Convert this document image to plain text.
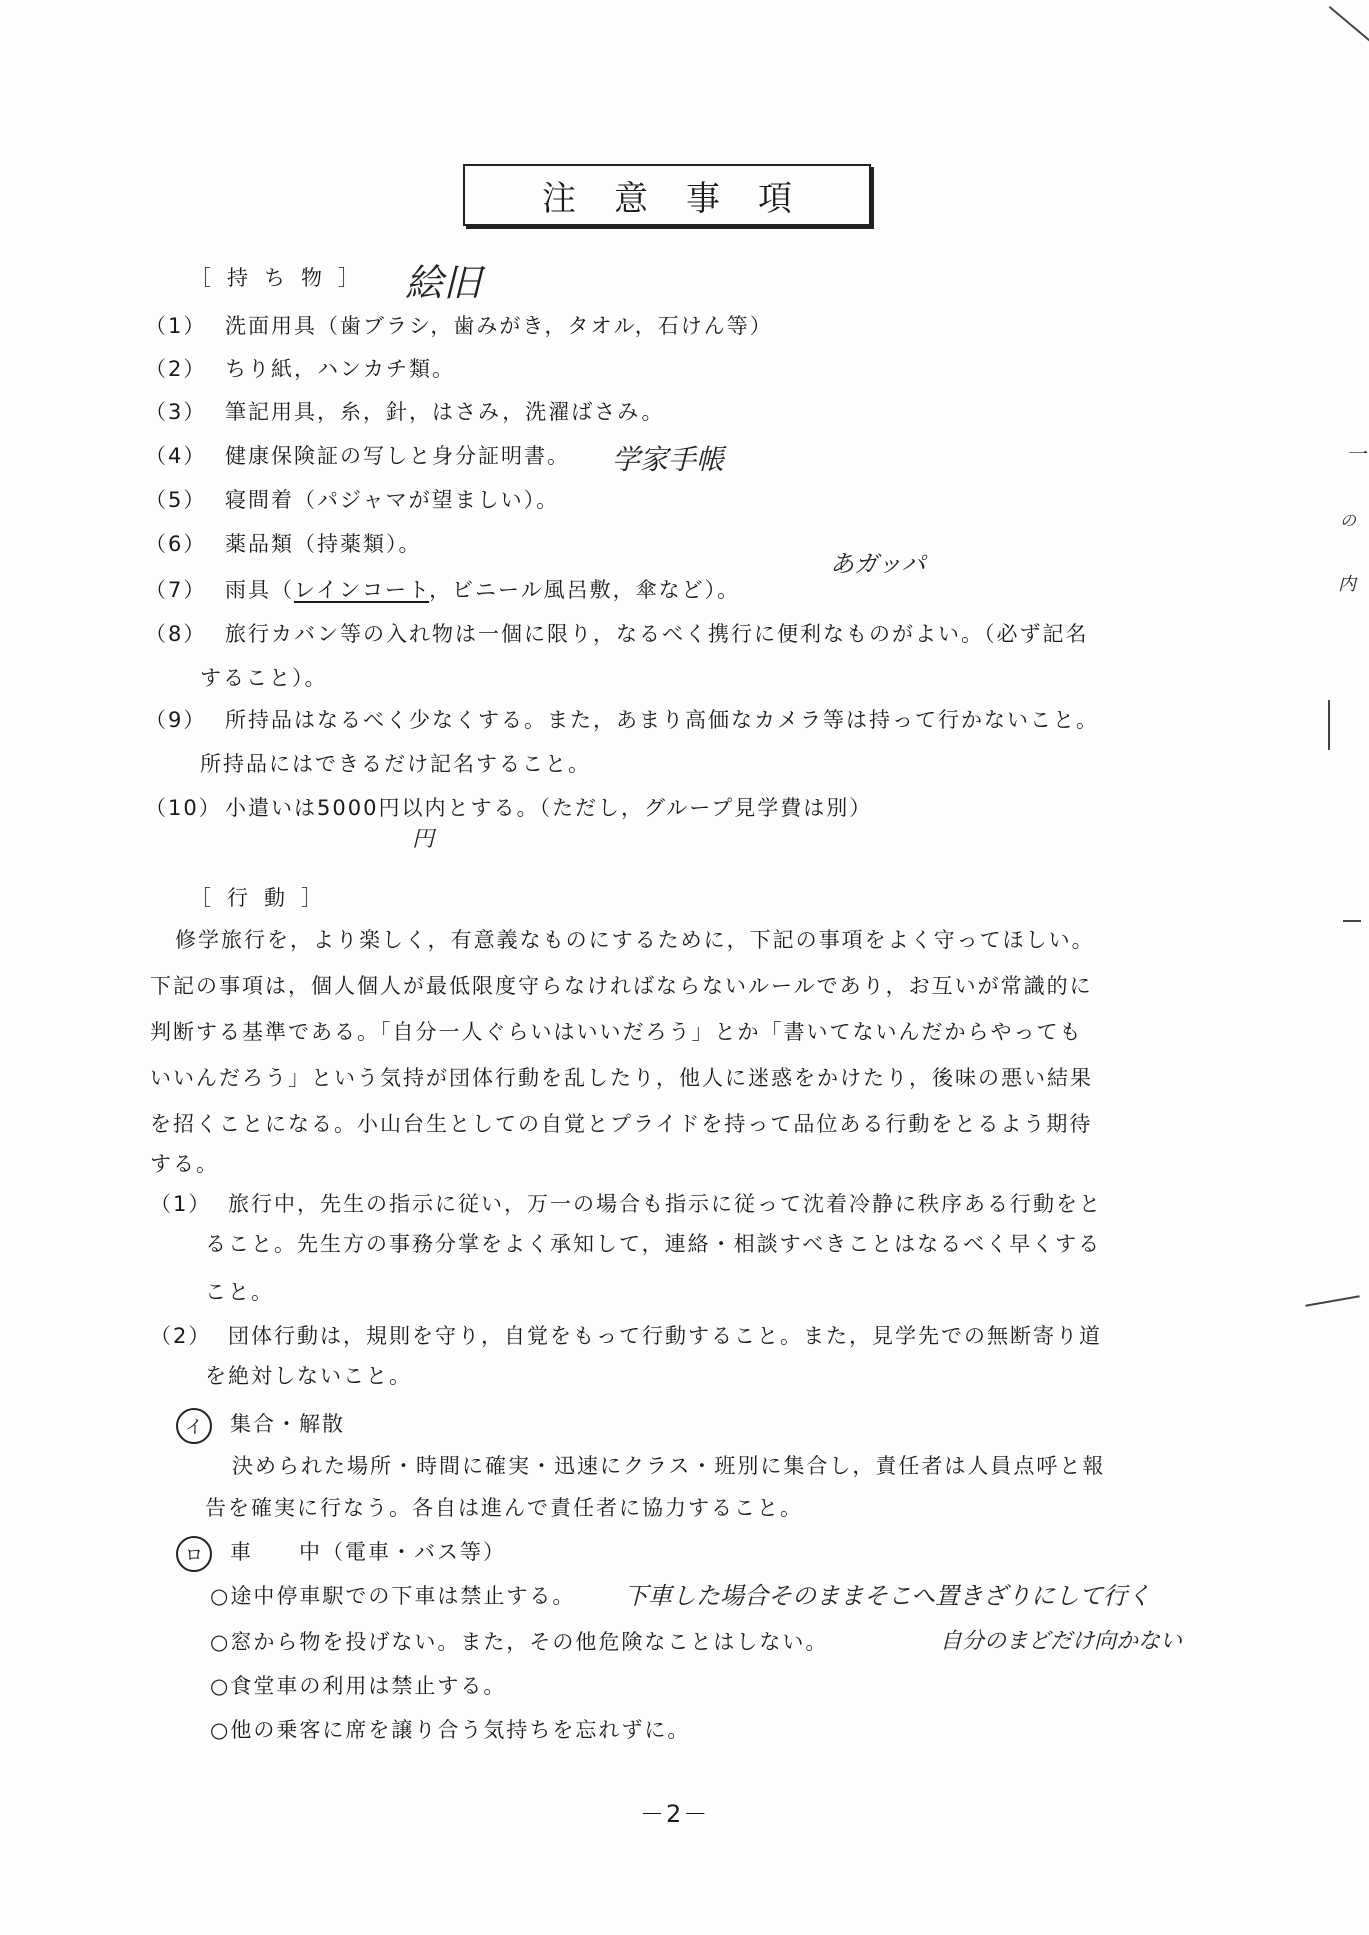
注意事項
［持ち物］ 絵旧
（1） 洗面用具（歯ブラシ，歯みがき，タオル，石けん等）
（2） ちり紙，ハンカチ類。
（3） 筆記用具，糸，針，はさみ，洗濯ばさみ。
（4） 健康保険証の写しと身分証明書。 学家手帳
（5） 寝間着（パジャマが望ましい）。
（6） 薬品類（持薬類）。
（7） 雨具（レインコート，ビニール風呂敷，傘など）。
あガッパ
（8） 旅行カバン等の入れ物は一個に限り，なるべく携行に便利なものがよい。（必ず記名
すること）。
（9） 所持品はなるべく少なくする。また，あまり高価なカメラ等は持って行かないこと。
所持品にはできるだけ記名すること。
（10） 小遣いは5000円以内とする。（ただし，グループ見学費は別）
円
［行動］
修学旅行を，より楽しく，有意義なものにするために，下記の事項をよく守ってほしい。
下記の事項は，個人個人が最低限度守らなければならないルールであり，お互いが常識的に
判断する基準である。「自分一人ぐらいはいいだろう」とか「書いてないんだからやっても
いいんだろう」という気持が団体行動を乱したり，他人に迷惑をかけたり，後味の悪い結果
を招くことになる。小山台生としての自覚とプライドを持って品位ある行動をとるよう期待
する。
（1） 旅行中，先生の指示に従い，万一の場合も指示に従って沈着冷静に秩序ある行動をと
ること。先生方の事務分掌をよく承知して，連絡・相談すべきことはなるべく早くする
こと。
（2） 団体行動は，規則を守り，自覚をもって行動すること。また，見学先での無断寄り道
を絶対しないこと。
イ	集合・解散
決められた場所・時間に確実・迅速にクラス・班別に集合し，責任者は人員点呼と報
告を確実に行なう。各自は進んで責任者に協力すること。
ロ	車　　中（電車・バス等）
○途中停車駅での下車は禁止する。 下車した場合そのままそこへ置きざりにして行く
○窓から物を投げない。また，その他危険なことはしない。	自分のまどだけ向かない
○食堂車の利用は禁止する。
○他の乗客に席を譲り合う気持ちを忘れずに。
－2－
一
の
内
